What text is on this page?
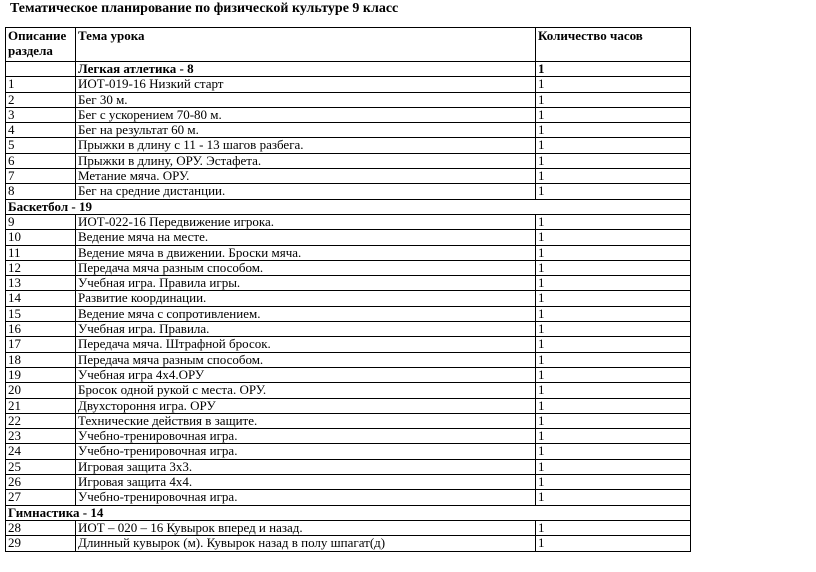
Тематическое планирование по физической культуре 9 класс
Описание раздела	Тема урока	Количество часов
	Легкая атлетика - 8	1
1	ИОТ-019-16 Низкий старт	1
2	Бег 30 м.	1
3	Бег с ускорением 70-80 м.	1
4	Бег на результат 60 м.	1
5	Прыжки в длину с 11 - 13 шагов разбега.	1
6	Прыжки в длину, ОРУ. Эстафета.	1
7	Метание мяча. ОРУ.	1
8	Бег на средние дистанции.	1
Баскетбол - 19		
9	ИОТ-022-16 Передвижение игрока.	1
10	Ведение мяча на месте.	1
11	Ведение мяча в движении. Броски мяча.	1
12	Передача мяча разным способом.	1
13	Учебная игра. Правила игры.	1
14	Развитие координации.	1
15	Ведение мяча с сопротивлением.	1
16	Учебная игра. Правила.	1
17	Передача мяча. Штрафной бросок.	1
18	Передача мяча разным способом.	1
19	Учебная игра 4х4.ОРУ	1
20	Бросок одной рукой с места. ОРУ.	1
21	Двухстороння игра. ОРУ	1
22	Технические действия в защите.	1
23	Учебно-тренировочная игра.	1
24	Учебно-тренировочная игра.	1
25	Игровая защита 3х3.	1
26	Игровая защита 4х4.	1
27	Учебно-тренировочная игра.	1
Гимнастика - 14		
28	ИОТ – 020 – 16 Кувырок вперед и назад.	1
29	Длинный кувырок (м). Кувырок назад в полу шпагат(д)	1
